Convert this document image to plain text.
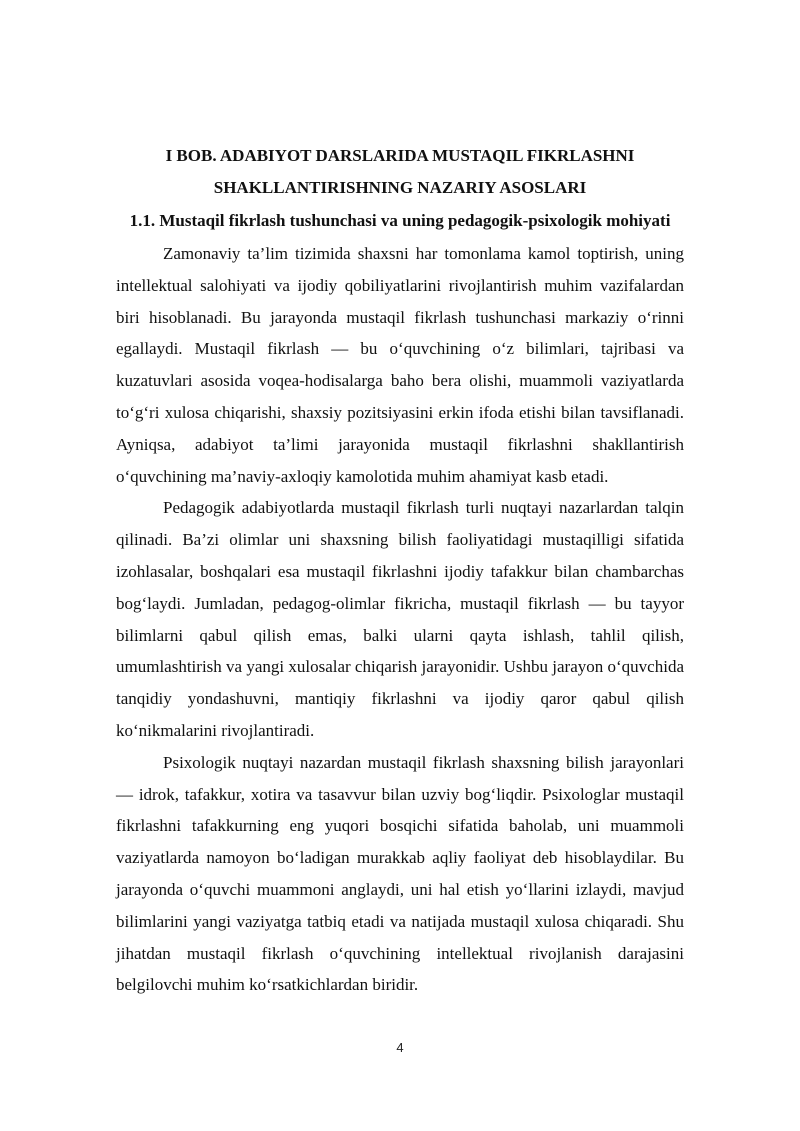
I BOB. ADABIYOT DARSLARIDA MUSTAQIL FIKRLASHNI
SHAKLLANTIRISHNING NAZARIY ASOSLARI
1.1. Mustaqil fikrlash tushunchasi va uning pedagogik-psixologik mohiyati

Zamonaviy ta’lim tizimida shaxsni har tomonlama kamol toptirish, uning intellektual salohiyati va ijodiy qobiliyatlarini rivojlantirish muhim vazifalardan biri hisoblanadi. Bu jarayonda mustaqil fikrlash tushunchasi markaziy o‘rinni egallaydi. Mustaqil fikrlash — bu o‘quvchining o‘z bilimlari, tajribasi va kuzatuvlari asosida voqea-hodisalarga baho bera olishi, muammoli vaziyatlarda to‘g‘ri xulosa chiqarishi, shaxsiy pozitsiyasini erkin ifoda etishi bilan tavsiflanadi. Ayniqsa, adabiyot ta’limi jarayonida mustaqil fikrlashni shakllantirish o‘quvchining ma’naviy-axloqiy kamolotida muhim ahamiyat kasb etadi.

Pedagogik adabiyotlarda mustaqil fikrlash turli nuqtayi nazarlardan talqin qilinadi. Ba’zi olimlar uni shaxsning bilish faoliyatidagi mustaqilligi sifatida izohlasalar, boshqalari esa mustaqil fikrlashni ijodiy tafakkur bilan chambarchas bog‘laydi. Jumladan, pedagog-olimlar fikricha, mustaqil fikrlash — bu tayyor bilimlarni qabul qilish emas, balki ularni qayta ishlash, tahlil qilish, umumlashtirish va yangi xulosalar chiqarish jarayonidir. Ushbu jarayon o‘quvchida tanqidiy yondashuvni, mantiqiy fikrlashni va ijodiy qaror qabul qilish ko‘nikmalarini rivojlantiradi.

Psixologik nuqtayi nazardan mustaqil fikrlash shaxsning bilish jarayonlari — idrok, tafakkur, xotira va tasavvur bilan uzviy bog‘liqdir. Psixologlar mustaqil fikrlashni tafakkurning eng yuqori bosqichi sifatida baholab, uni muammoli vaziyatlarda namoyon bo‘ladigan murakkab aqliy faoliyat deb hisoblaydilar. Bu jarayonda o‘quvchi muammoni anglaydi, uni hal etish yo‘llarini izlaydi, mavjud bilimlarini yangi vaziyatga tatbiq etadi va natijada mustaqil xulosa chiqaradi. Shu jihatdan mustaqil fikrlash o‘quvchining intellektual rivojlanish darajasini belgilovchi muhim ko‘rsatkichlardan biridir.

4
